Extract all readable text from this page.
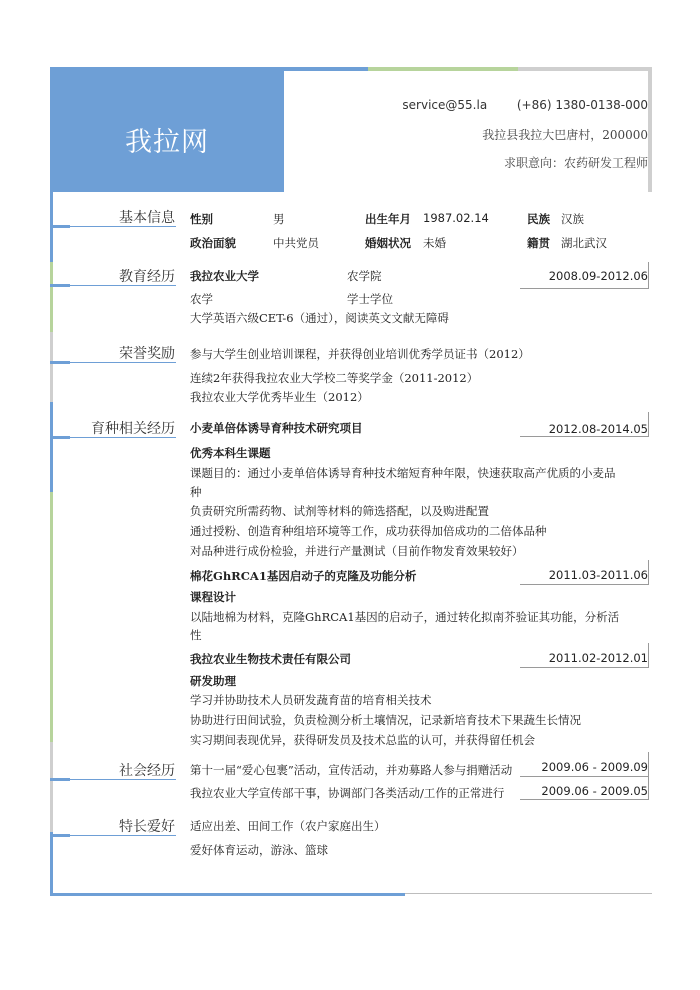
我拉网
service@55.la (+86) 1380-0138-000
我拉县我拉大巴唐村，200000
求职意向：农药研发工程师
基本信息 性别	男	出生年月 1987.02.14	民族 汉族
政治面貌	中共党员	婚姻状况 未婚	籍贯 湖北武汉
教育经历 我拉农业大学	农学院	2008.09-2012.06
农学	学士学位
大学英语六级CET-6（通过），阅读英文文献无障碍
荣誉奖励 参与大学生创业培训课程，并获得创业培训优秀学员证书（2012）
连续2年获得我拉农业大学校二等奖学金（2011-2012）
我拉农业大学优秀毕业生（2012）
育种相关经历 小麦单倍体诱导育种技术研究项目	2012.08-2014.05
优秀本科生课题
课题目的：通过小麦单倍体诱导育种技术缩短育种年限，快速获取高产优质的小麦品
种
负责研究所需药物、试剂等材料的筛选搭配，以及购进配置
通过授粉、创造育种组培环境等工作，成功获得加倍成功的二倍体品种
对品种进行成份检验，并进行产量测试（目前作物发育效果较好）
棉花GhRCA1基因启动子的克隆及功能分析	2011.03-2011.06
课程设计
以陆地棉为材料，克隆GhRCA1基因的启动子，通过转化拟南芥验证其功能，分析活
性
我拉农业生物技术责任有限公司	2011.02-2012.01
研发助理
学习并协助技术人员研发蔬育苗的培育相关技术
协助进行田间试验，负责检测分析土壤情况，记录新培育技术下果蔬生长情况
实习期间表现优异，获得研发员及技术总监的认可，并获得留任机会
社会经历 第十一届“爱心包裹”活动，宣传活动，并劝募路人参与捐赠活动	2009.06 - 2009.09
我拉农业大学宣传部干事，协调部门各类活动/工作的正常进行	2009.06 - 2009.05
特长爱好 适应出差、田间工作（农户家庭出生）
爱好体育运动，游泳、篮球
